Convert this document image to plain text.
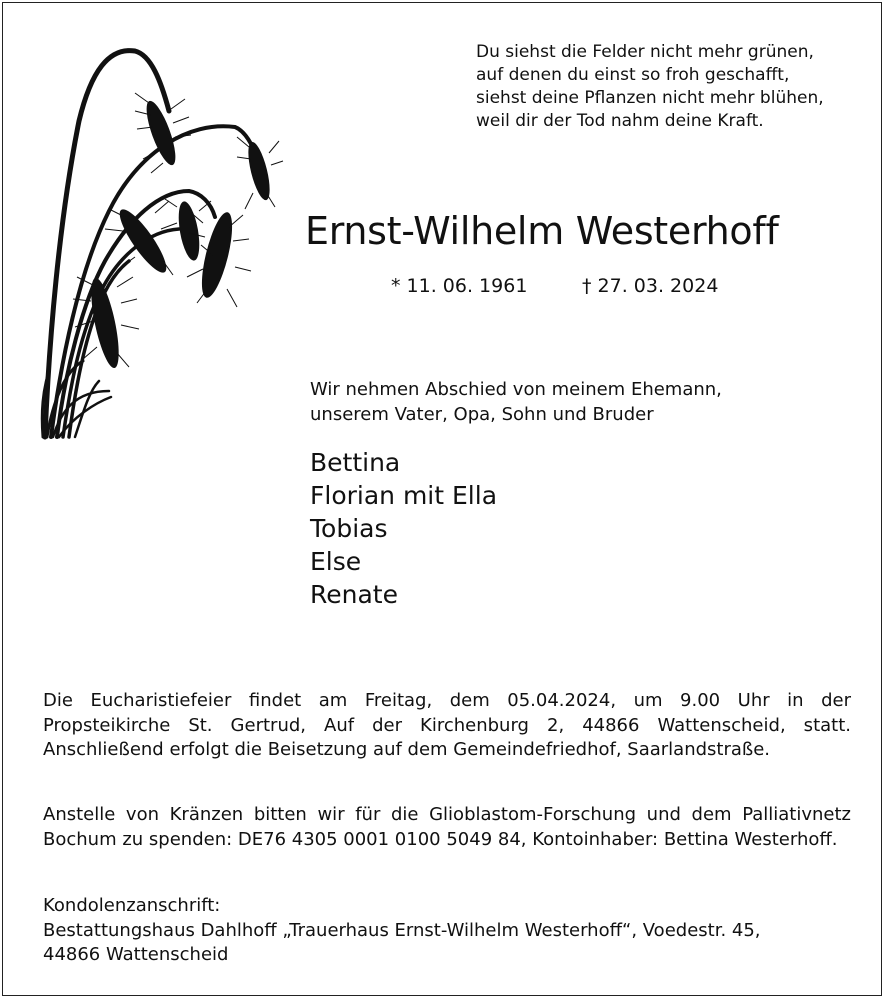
Du siehst die Felder nicht mehr grünen,
auf denen du einst so froh geschafft,
siehst deine Pflanzen nicht mehr blühen,
weil dir der Tod nahm deine Kraft.
Ernst-Wilhelm Westerhoff
* 11. 06. 1961	† 27. 03. 2024
Wir nehmen Abschied von meinem Ehemann,
unserem Vater, Opa, Sohn und Bruder
Bettina
Florian mit Ella
Tobias
Else
Renate
Die Eucharistiefeier findet am Freitag, dem 05.04.2024, um 9.00 Uhr in der Propsteikirche St. Gertrud, Auf der Kirchenburg 2, 44866 Wattenscheid, statt. Anschließend erfolgt die Beisetzung auf dem Gemeindefriedhof, Saarlandstraße.
Anstelle von Kränzen bitten wir für die Glioblastom-Forschung und dem Palliativnetz Bochum zu spenden: DE76 4305 0001 0100 5049 84, Kontoinhaber: Bettina Westerhoff.
Kondolenzanschrift:
Bestattungshaus Dahlhoff „Trauerhaus Ernst-Wilhelm Westerhoff“, Voedestr. 45,
44866 Wattenscheid
